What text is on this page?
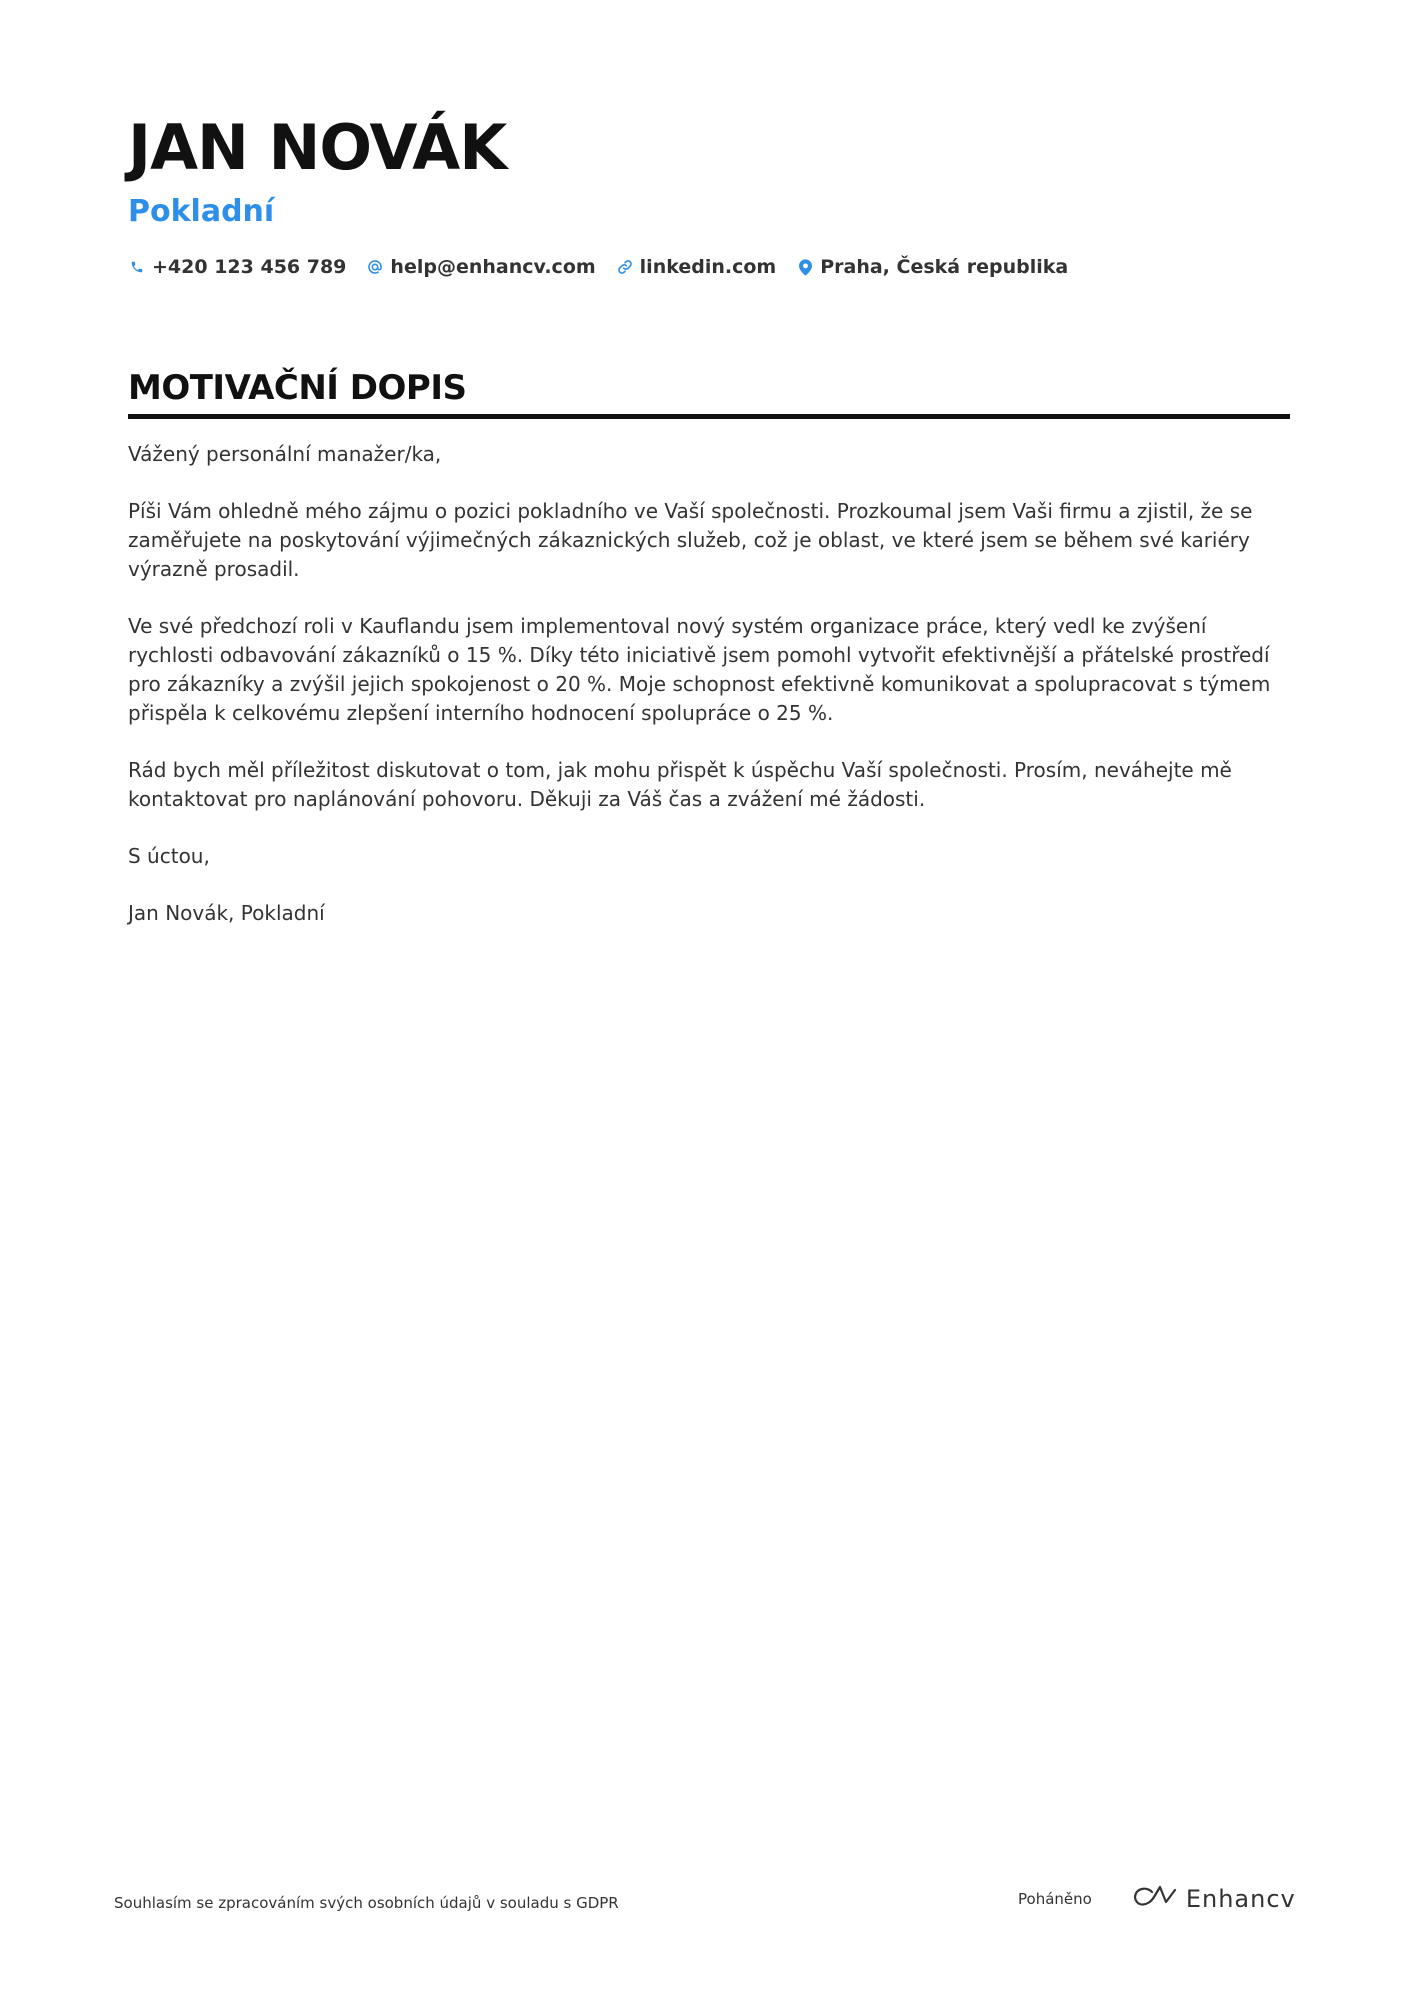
JAN NOVÁK
Pokladní
+420 123 456 789 help@enhancv.com linkedin.com Praha, Česká republika
MOTIVAČNÍ DOPIS

Vážený personální manažer/ka,

Píši Vám ohledně mého zájmu o pozici pokladního ve Vaší společnosti. Prozkoumal jsem Vaši firmu a zjistil, že se zaměřujete na poskytování výjimečných zákaznických služeb, což je oblast, ve které jsem se během své kariéry výrazně prosadil.

Ve své předchozí roli v Kauflandu jsem implementoval nový systém organizace práce, který vedl ke zvýšení rychlosti odbavování zákazníků o 15 %. Díky této iniciativě jsem pomohl vytvořit efektivnější a přátelské prostředí pro zákazníky a zvýšil jejich spokojenost o 20 %. Moje schopnost efektivně komunikovat a spolupracovat s týmem přispěla k celkovému zlepšení interního hodnocení spolupráce o 25 %.

Rád bych měl příležitost diskutovat o tom, jak mohu přispět k úspěchu Vaší společnosti. Prosím, neváhejte mě kontaktovat pro naplánování pohovoru. Děkuji za Váš čas a zvážení mé žádosti.

S úctou,

Jan Novák, Pokladní

Souhlasím se zpracováním svých osobních údajů v souladu s GDPR	Poháněno	Enhancv
